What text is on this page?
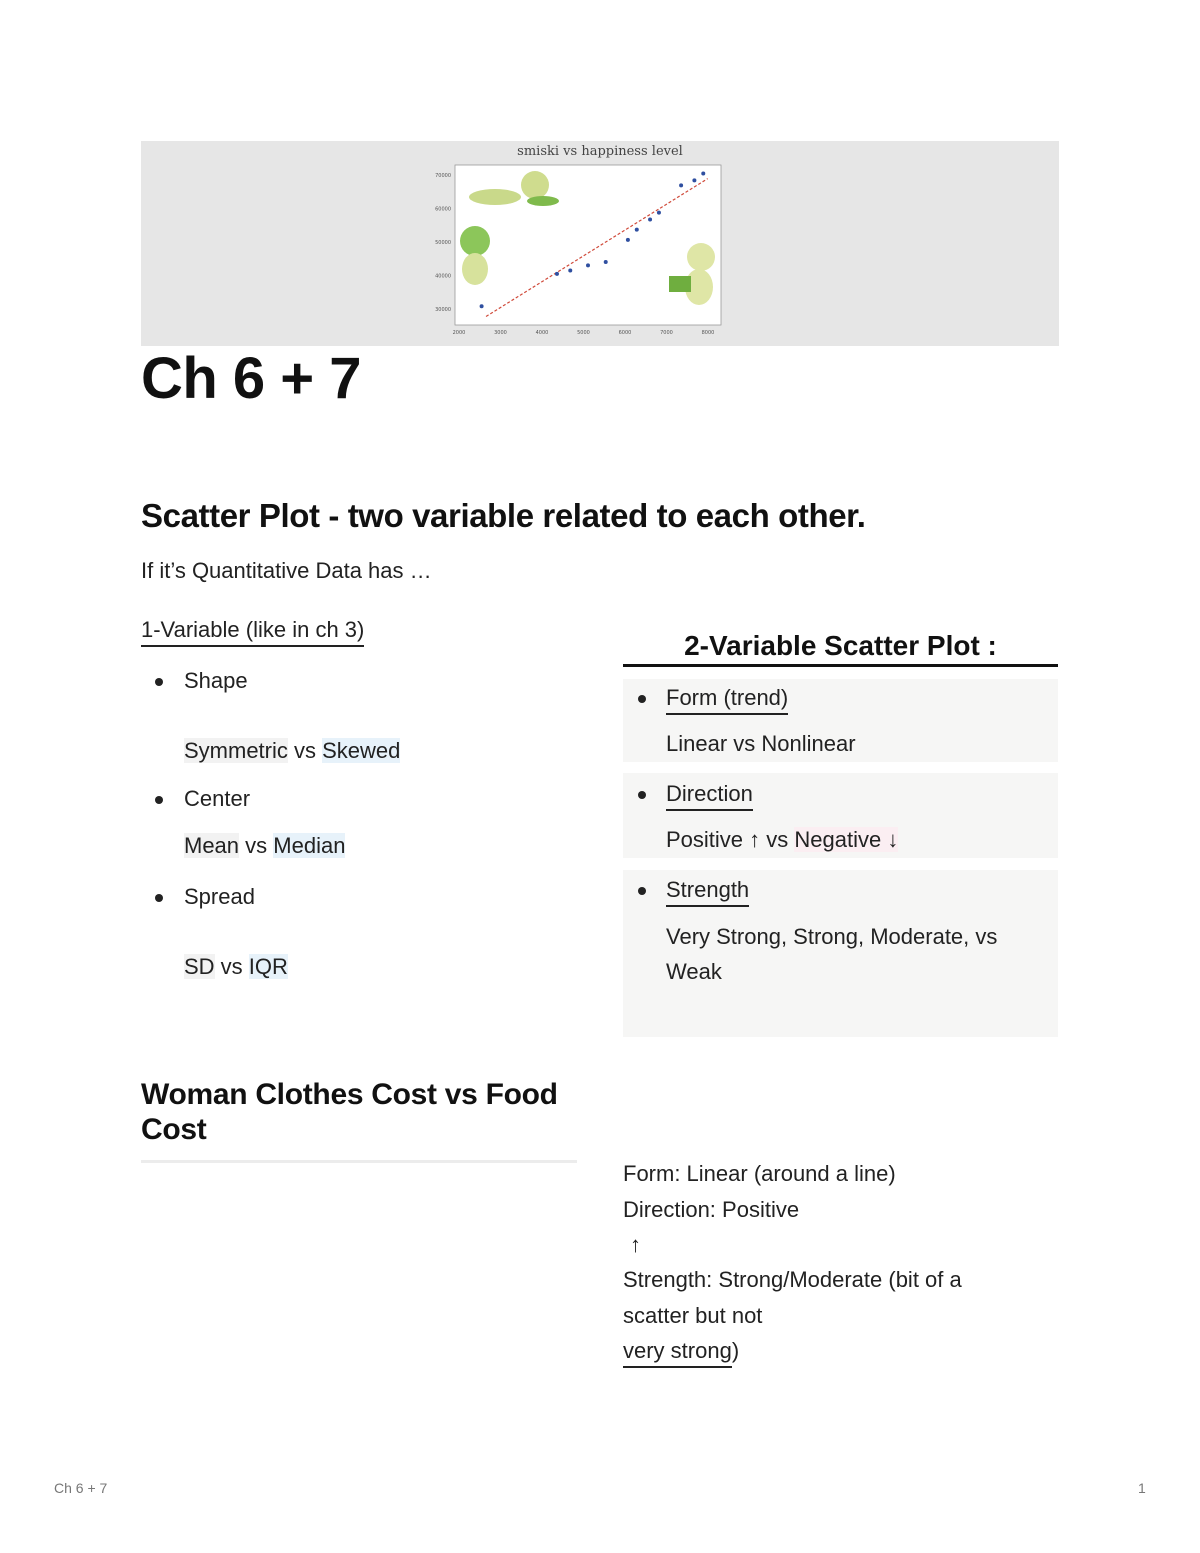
smiski vs happiness level
70000
60000
50000
40000
30000
2000	3000	4000	5000	6000	7000	8000
Ch 6 + 7
Scatter Plot - two variable related to each other.
If it’s Quantitative Data has …
1-Variable (like in ch 3)
Shape
Symmetric vs Skewed
Center
Mean vs Median
Spread
SD vs IQR
2-Variable Scatter Plot :
Form (trend)
Linear vs Nonlinear
Direction
Positive ↑ vs Negative ↓
Strength
Very Strong, Strong, Moderate, vs
Weak
Woman Clothes Cost vs Food
Cost
Form: Linear (around a line)
Direction: Positive
↑
Strength: Strong/Moderate (bit of a
scatter but not
very strong)
Ch 6 + 7	1
